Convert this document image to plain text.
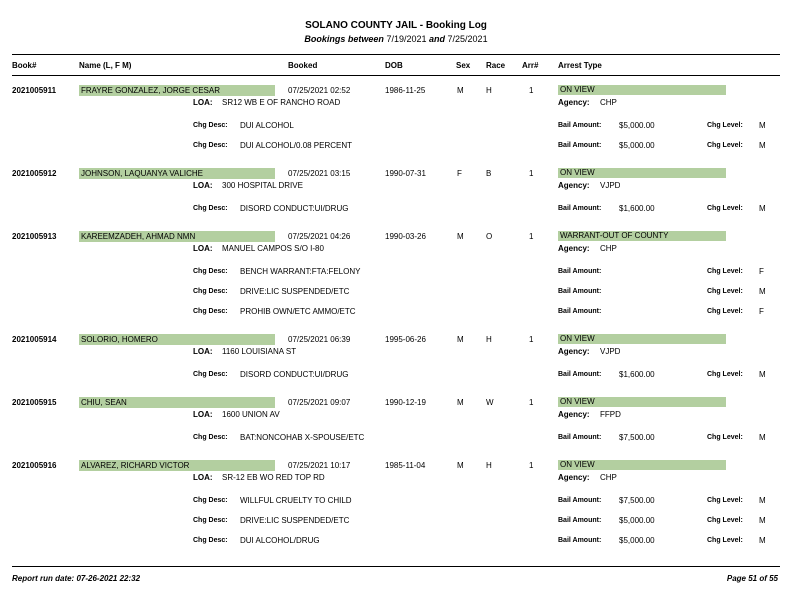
SOLANO COUNTY JAIL - Booking Log
Bookings between 7/19/2021 and 7/25/2021
Book#	Name (L, F M)	Booked	DOB	Sex Race Arr# Arrest Type
2021005911	FRAYRE GONZALEZ, JORGE CESAR	07/25/2021 02:52	1986-11-25	M	H	1	ON VIEW
LOA: SR12 WB E OF RANCHO ROAD	Agency: CHP
Chg Desc: DUI ALCOHOL	Bail Amount: $5,000.00	Chg Level: M
Chg Desc: DUI ALCOHOL/0.08 PERCENT	Bail Amount: $5,000.00	Chg Level: M
2021005912	JOHNSON, LAQUANYA VALICHE	07/25/2021 03:15	1990-07-31	F	B	1	ON VIEW
LOA: 300 HOSPITAL DRIVE	Agency: VJPD
Chg Desc: DISORD CONDUCT:UI/DRUG	Bail Amount: $1,600.00	Chg Level: M
2021005913	KAREEMZADEH, AHMAD NMN	07/25/2021 04:26	1990-03-26	M	O	1	WARRANT-OUT OF COUNTY
LOA: MANUEL CAMPOS S/O I-80	Agency: CHP
Chg Desc: BENCH WARRANT:FTA:FELONY	Bail Amount:	Chg Level: F
Chg Desc: DRIVE:LIC SUSPENDED/ETC	Bail Amount:	Chg Level: M
Chg Desc: PROHIB OWN/ETC AMMO/ETC	Bail Amount:	Chg Level: F
2021005914	SOLORIO, HOMERO	07/25/2021 06:39	1995-06-26	M	H	1	ON VIEW
LOA: 1160 LOUISIANA ST	Agency: VJPD
Chg Desc: DISORD CONDUCT:UI/DRUG	Bail Amount: $1,600.00	Chg Level: M
2021005915	CHIU, SEAN	07/25/2021 09:07	1990-12-19	M	W	1	ON VIEW
LOA: 1600 UNION AV	Agency: FFPD
Chg Desc: BAT:NONCOHAB X-SPOUSE/ETC	Bail Amount: $7,500.00	Chg Level: M
2021005916	ALVAREZ, RICHARD VICTOR	07/25/2021 10:17	1985-11-04	M	H	1	ON VIEW
LOA: SR-12 EB WO RED TOP RD	Agency: CHP
Chg Desc: WILLFUL CRUELTY TO CHILD	Bail Amount: $7,500.00	Chg Level: M
Chg Desc: DRIVE:LIC SUSPENDED/ETC	Bail Amount: $5,000.00	Chg Level: M
Chg Desc: DUI ALCOHOL/DRUG	Bail Amount: $5,000.00	Chg Level: M
Report run date: 07-26-2021 22:32	Page 51 of 55
